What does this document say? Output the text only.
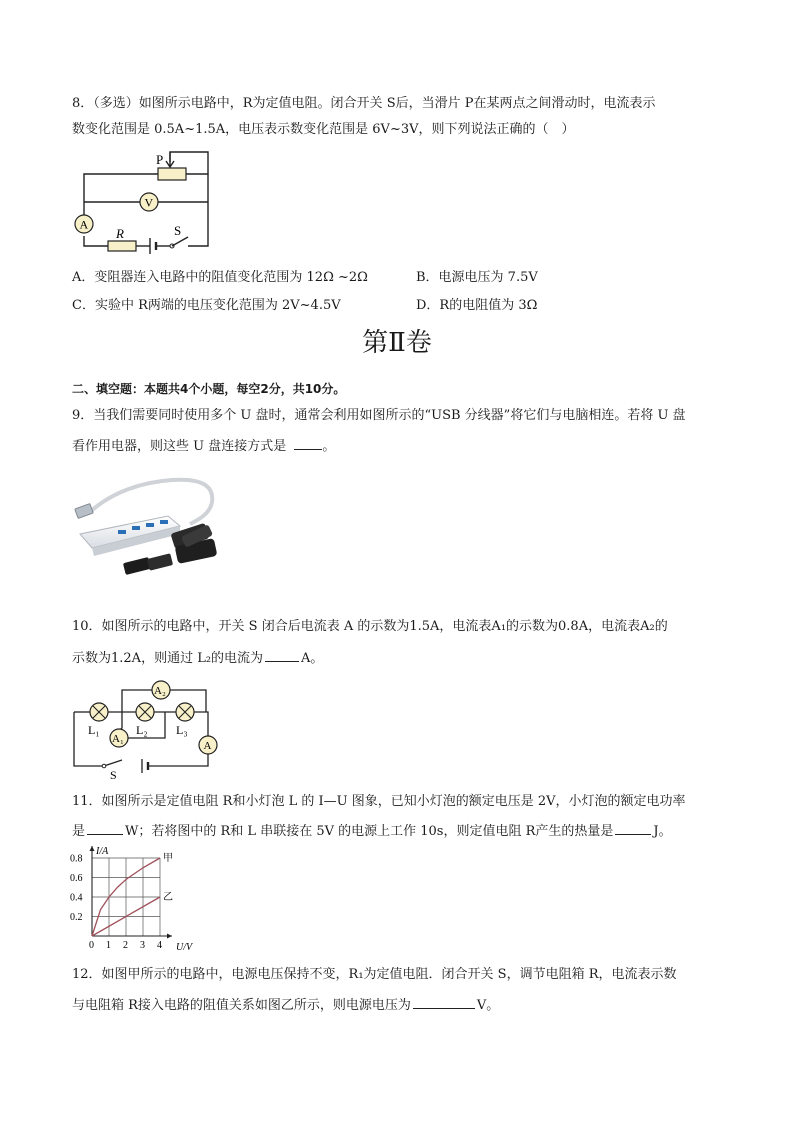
8．（多选）如图所示电路中，R为定值电阻。闭合开关 S后，当滑片 P在某两点之间滑动时，电流表示
数变化范围是 0.5A~1.5A，电压表示数变化范围是 6V~3V，则下列说法正确的（　）
P
V
A
R	S
A．变阻器连入电路中的阻值变化范围为 12Ω ~2Ω	B．电源电压为 7.5V
C．实验中 R两端的电压变化范围为 2V~4.5V	D．R的电阻值为 3Ω
第Ⅱ卷
二、填空题：本题共4个小题，每空2分，共10分。
9．当我们需要同时使用多个 U 盘时，通常会利用如图所示的“USB 分线器”将它们与电脑相连。若将 U 盘
看作用电器，则这些 U 盘连接方式是	。
10．如图所示的电路中，开关 S 闭合后电流表 A 的示数为1.5A，电流表A₁的示数为0.8A，电流表A₂的
示数为1.2A，则通过 L₂的电流为	A。
A₂
A₁
A
L₁	L₂ L₃
S
11．如图所示是定值电阻 R和小灯泡 L 的 I—U 图象，已知小灯泡的额定电压是 2V，小灯泡的额定电功率
是	W；若将图中的 R和 L 串联接在 5V 的电源上工作 10s，则定值电阻 R产生的热量是	J。
0 1 2 3 4
0.2
0.4
0.6
0.8
I/A
U/V
甲
乙
12．如图甲所示的电路中，电源电压保持不变，R₁为定值电阻．闭合开关 S，调节电阻箱 R，电流表示数
与电阻箱 R接入电路的阻值关系如图乙所示，则电源电压为	V。
